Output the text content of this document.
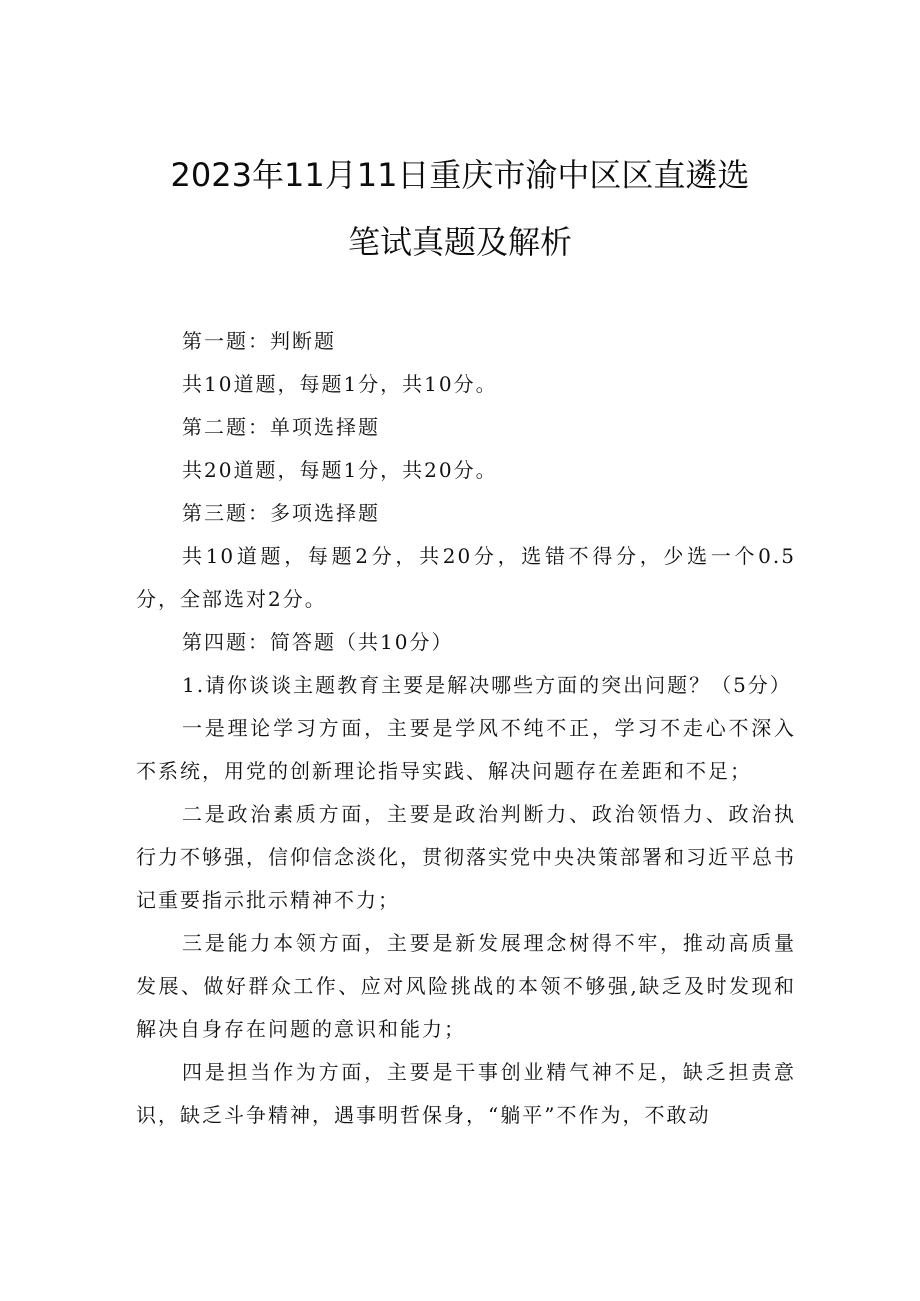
2023年11月11日重庆市渝中区区直遴选
笔试真题及解析

第一题：判断题

共10道题，每题1分，共10分。

第二题：单项选择题

共20道题，每题1分，共20分。

第三题：多项选择题

共10道题，每题2分，共20分，选错不得分，少选一个0.5分，全部选对2分。

第四题：简答题（共10分）

1.请你谈谈主题教育主要是解决哪些方面的突出问题？（5分）

一是理论学习方面，主要是学风不纯不正，学习不走心不深入不系统，用党的创新理论指导实践、解决问题存在差距和不足；

二是政治素质方面，主要是政治判断力、政治领悟力、政治执行力不够强，信仰信念淡化，贯彻落实党中央决策部署和习近平总书记重要指示批示精神不力；

三是能力本领方面，主要是新发展理念树得不牢，推动高质量发展、做好群众工作、应对风险挑战的本领不够强,缺乏及时发现和解决自身存在问题的意识和能力；

四是担当作为方面，主要是干事创业精气神不足，缺乏担责意识，缺乏斗争精神，遇事明哲保身，“躺平”不作为，不敢动
